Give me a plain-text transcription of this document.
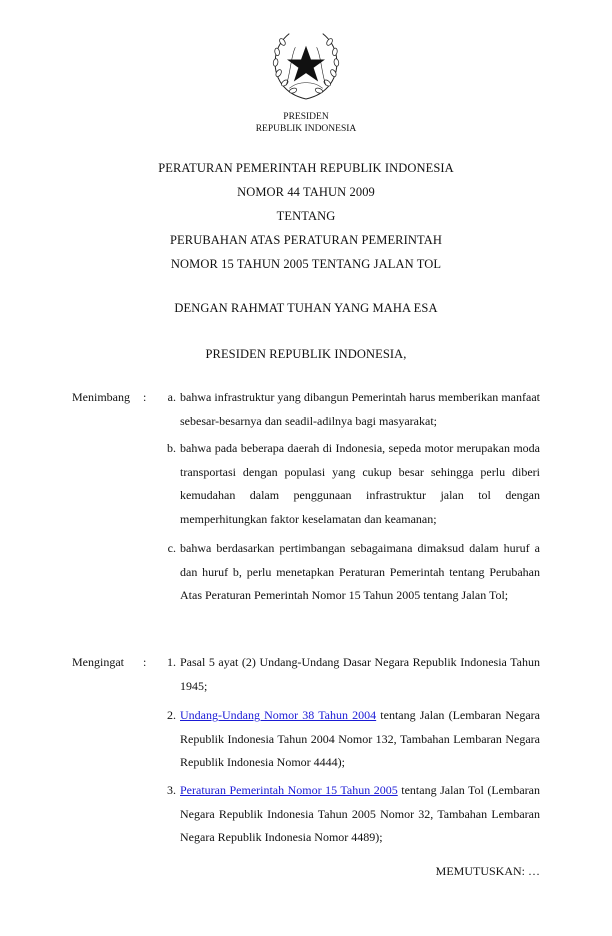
PRESIDEN
REPUBLIK INDONESIA
PERATURAN PEMERINTAH REPUBLIK INDONESIA
NOMOR 44 TAHUN 2009
TENTANG
PERUBAHAN ATAS PERATURAN PEMERINTAH
NOMOR 15 TAHUN 2005 TENTANG JALAN TOL
DENGAN RAHMAT TUHAN YANG MAHA ESA
PRESIDEN REPUBLIK INDONESIA,
Menimbang :	a. bahwa infrastruktur yang dibangun Pemerintah harus memberikan manfaat sebesar-besarnya dan seadil-adilnya bagi masyarakat;
b. bahwa pada beberapa daerah di Indonesia, sepeda motor merupakan moda transportasi dengan populasi yang cukup besar sehingga perlu diberi kemudahan dalam penggunaan infrastruktur jalan tol dengan memperhitungkan faktor keselamatan dan keamanan;
c. bahwa berdasarkan pertimbangan sebagaimana dimaksud dalam huruf a dan huruf b, perlu menetapkan Peraturan Pemerintah tentang Perubahan Atas Peraturan Pemerintah Nomor 15 Tahun 2005 tentang Jalan Tol;
Mengingat :	1. Pasal 5 ayat (2) Undang-Undang Dasar Negara Republik Indonesia Tahun 1945;
2. Undang-Undang Nomor 38 Tahun 2004 tentang Jalan (Lembaran Negara Republik Indonesia Tahun 2004 Nomor 132, Tambahan Lembaran Negara Republik Indonesia Nomor 4444);
3. Peraturan Pemerintah Nomor 15 Tahun 2005 tentang Jalan Tol (Lembaran Negara Republik Indonesia Tahun 2005 Nomor 32, Tambahan Lembaran Negara Republik Indonesia Nomor 4489);
MEMUTUSKAN: …
